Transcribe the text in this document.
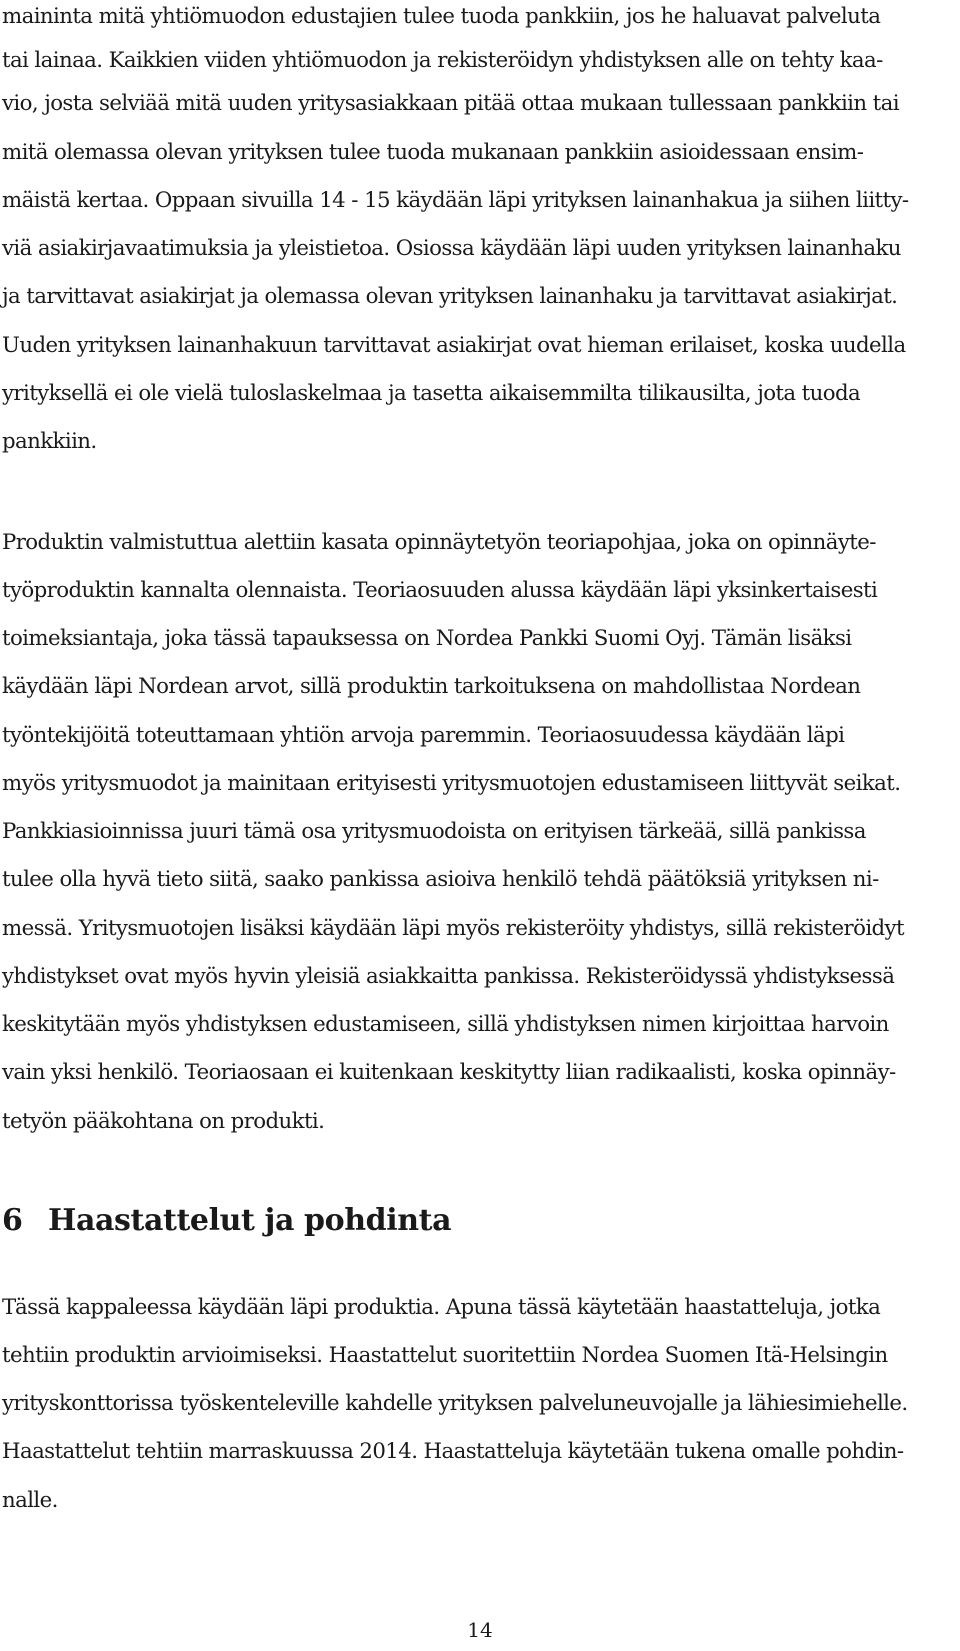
maininta mitä yhtiömuodon edustajien tulee tuoda pankkiin, jos he haluavat palveluta
tai lainaa. Kaikkien viiden yhtiömuodon ja rekisteröidyn yhdistyksen alle on tehty kaa-
vio, josta selviää mitä uuden yritysasiakkaan pitää ottaa mukaan tullessaan pankkiin tai
mitä olemassa olevan yrityksen tulee tuoda mukanaan pankkiin asioidessaan ensim-
mäistä kertaa. Oppaan sivuilla 14 - 15 käydään läpi yrityksen lainanhakua ja siihen liitty-
viä asiakirjavaatimuksia ja yleistietoa. Osiossa käydään läpi uuden yrityksen lainanhaku
ja tarvittavat asiakirjat ja olemassa olevan yrityksen lainanhaku ja tarvittavat asiakirjat.
Uuden yrityksen lainanhakuun tarvittavat asiakirjat ovat hieman erilaiset, koska uudella
yrityksellä ei ole vielä tuloslaskelmaa ja tasetta aikaisemmilta tilikausilta, jota tuoda
pankkiin.
Produktin valmistuttua alettiin kasata opinnäytetyön teoriapohjaa, joka on opinnäyte-
työproduktin kannalta olennaista. Teoriaosuuden alussa käydään läpi yksinkertaisesti
toimeksiantaja, joka tässä tapauksessa on Nordea Pankki Suomi Oyj. Tämän lisäksi
käydään läpi Nordean arvot, sillä produktin tarkoituksena on mahdollistaa Nordean
työntekijöitä toteuttamaan yhtiön arvoja paremmin. Teoriaosuudessa käydään läpi
myös yritysmuodot ja mainitaan erityisesti yritysmuotojen edustamiseen liittyvät seikat.
Pankkiasioinnissa juuri tämä osa yritysmuodoista on erityisen tärkeää, sillä pankissa
tulee olla hyvä tieto siitä, saako pankissa asioiva henkilö tehdä päätöksiä yrityksen ni-
messä. Yritysmuotojen lisäksi käydään läpi myös rekisteröity yhdistys, sillä rekisteröidyt
yhdistykset ovat myös hyvin yleisiä asiakkaitta pankissa. Rekisteröidyssä yhdistyksessä
keskitytään myös yhdistyksen edustamiseen, sillä yhdistyksen nimen kirjoittaa harvoin
vain yksi henkilö. Teoriaosaan ei kuitenkaan keskitytty liian radikaalisti, koska opinnäy-
tetyön pääkohtana on produkti.
6 Haastattelut ja pohdinta
Tässä kappaleessa käydään läpi produktia. Apuna tässä käytetään haastatteluja, jotka
tehtiin produktin arvioimiseksi. Haastattelut suoritettiin Nordea Suomen Itä-Helsingin
yrityskonttorissa työskenteleville kahdelle yrityksen palveluneuvojalle ja lähiesimiehelle.
Haastattelut tehtiin marraskuussa 2014. Haastatteluja käytetään tukena omalle pohdin-
nalle.
14
